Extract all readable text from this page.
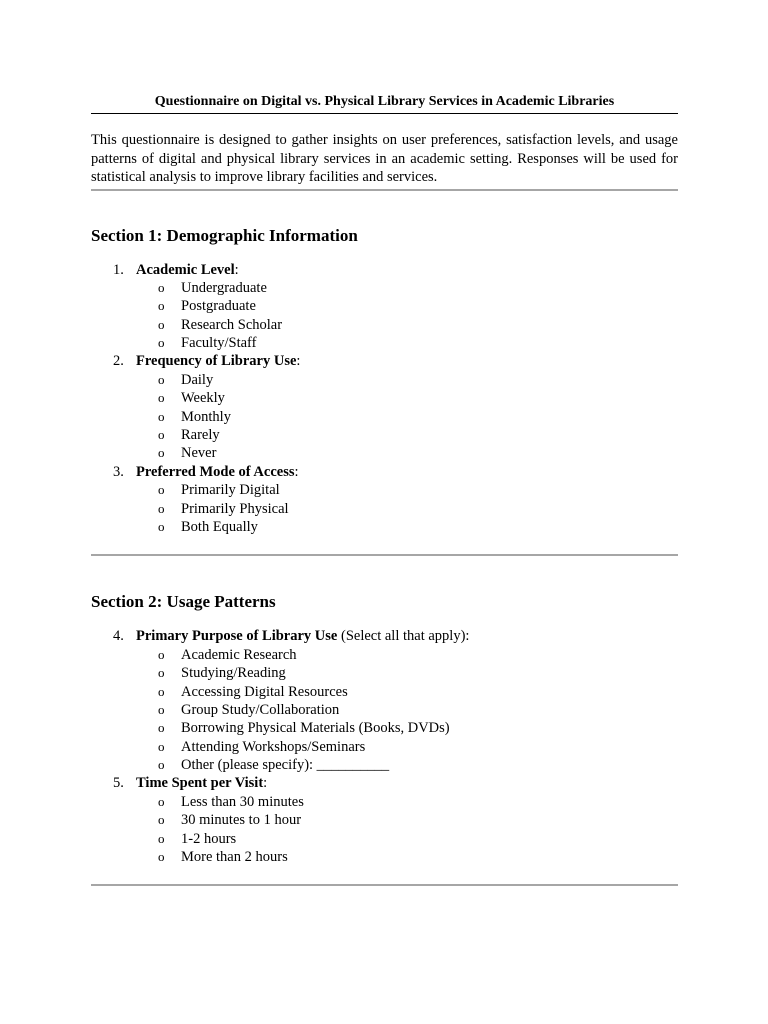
Questionnaire on Digital vs. Physical Library Services in Academic Libraries

This questionnaire is designed to gather insights on user preferences, satisfaction levels, and usage patterns of digital and physical library services in an academic setting. Responses will be used for statistical analysis to improve library facilities and services.

Section 1: Demographic Information
1. Academic Level:
o Undergraduate
o Postgraduate
o Research Scholar
o Faculty/Staff
2. Frequency of Library Use:
o Daily
o Weekly
o Monthly
o Rarely
o Never
3. Preferred Mode of Access:
o Primarily Digital
o Primarily Physical
o Both Equally
Section 2: Usage Patterns
4. Primary Purpose of Library Use (Select all that apply):
o Academic Research
o Studying/Reading
o Accessing Digital Resources
o Group Study/Collaboration
o Borrowing Physical Materials (Books, DVDs)
o Attending Workshops/Seminars
o Other (please specify): __________
5. Time Spent per Visit:
o Less than 30 minutes
o 30 minutes to 1 hour
o 1-2 hours
o More than 2 hours
